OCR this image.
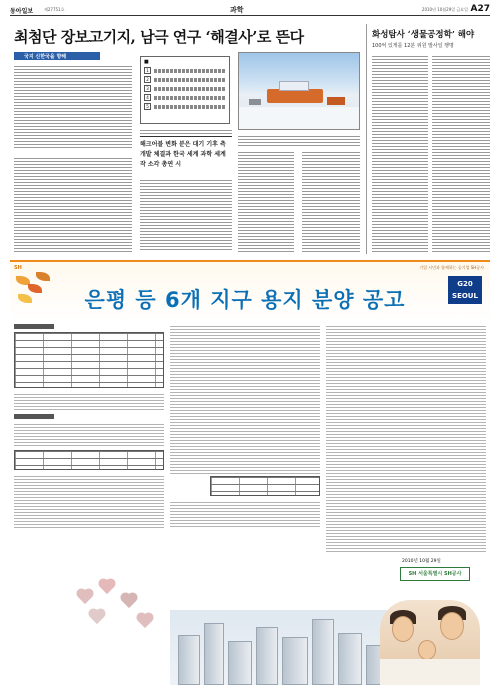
동아일보	제27751호	과학	2010년 10월29일 금요일 A27
최첨단 장보고기지, 남극 연구 ‘해결사’로 뜬다
국지 신한국을 향해
■
1
2
3
4
5
해크어블 변화 분은 대기 기후 측 개발 체결과 한국 세계 과학 세계 작 소각 총연 시
화성탐사 ‘생물공정학’ 해야
100억 있게를 12분 위원 발사일 행명
SH	기업 시민과 함께하는 공기업 SH공사
은평 등 6개 지구 용지 분양 공고
G20 SEOUL SUMMIT 2010
2010년 10월 29일
SH 서울특별시 SH공사
